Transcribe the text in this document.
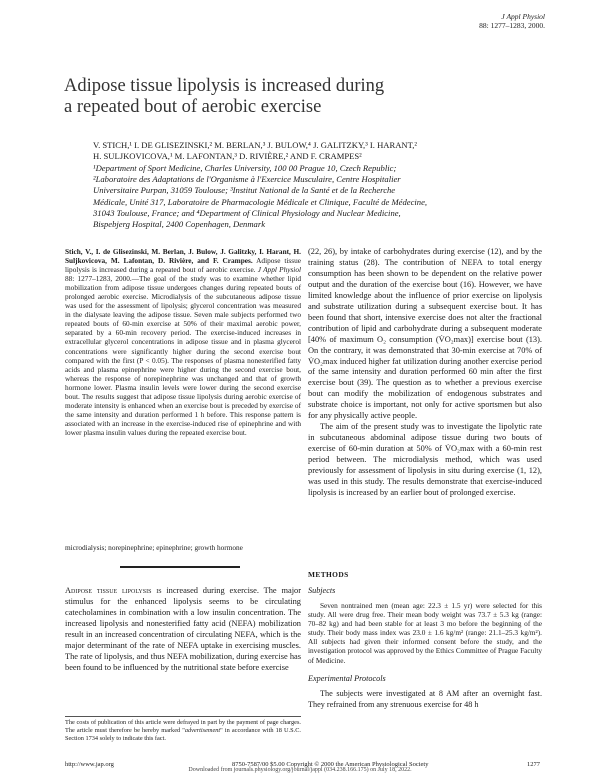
J Appl Physiol
88: 1277–1283, 2000.
Adipose tissue lipolysis is increased during
a repeated bout of aerobic exercise
V. STICH,¹ I. DE GLISEZINSKI,² M. BERLAN,³ J. BULOW,⁴ J. GALITZKY,³ I. HARANT,²
H. SULJKOVICOVA,¹ M. LAFONTAN,³ D. RIVIÈRE,² AND F. CRAMPES²
¹Department of Sport Medicine, Charles University, 100 00 Prague 10, Czech Republic;
²Laboratoire des Adaptations de l'Organisme à l'Exercice Musculaire, Centre Hospitalier
Universitaire Purpan, 31059 Toulouse; ³Institut National de la Santé et de la Recherche
Médicale, Unité 317, Laboratoire de Pharmacologie Médicale et Clinique, Faculté de Médecine,
31043 Toulouse, France; and ⁴Department of Clinical Physiology and Nuclear Medicine,
Bispebjerg Hospital, 2400 Copenhagen, Denmark
Stich, V., I. de Glisezinski, M. Berlan, J. Bulow, J. Galitzky, I. Harant, H. Suljkovicova, M. Lafontan, D. Rivière, and F. Crampes. Adipose tissue lipolysis is increased during a repeated bout of aerobic exercise. J Appl Physiol 88: 1277–1283, 2000.—The goal of the study was to examine whether lipid mobilization from adipose tissue undergoes changes during repeated bouts of prolonged aerobic exercise. Microdialysis of the subcutaneous adipose tissue was used for the assessment of lipolysis; glycerol concentration was measured in the dialysate leaving the adipose tissue. Seven male subjects performed two repeated bouts of 60-min exercise at 50% of their maximal aerobic power, separated by a 60-min recovery period. The exercise-induced increases in extracellular glycerol concentrations in adipose tissue and in plasma glycerol concentrations were significantly higher during the second exercise bout compared with the first (P < 0.05). The responses of plasma nonesterified fatty acids and plasma epinephrine were higher during the second exercise bout, whereas the response of norepinephrine was unchanged and that of growth hormone lower. Plasma insulin levels were lower during the second exercise bout. The results suggest that adipose tissue lipolysis during aerobic exercise of moderate intensity is enhanced when an exercise bout is preceded by exercise of the same intensity and duration performed 1 h before. This response pattern is associated with an increase in the exercise-induced rise of epinephrine and with lower plasma insulin values during the repeated exercise bout.
microdialysis; norepinephrine; epinephrine; growth hormone
Adipose tissue lipolysis is increased during exercise. The major stimulus for the enhanced lipolysis seems to be circulating catecholamines in combination with a low insulin concentration. The increased lipolysis and nonesterified fatty acid (NEFA) mobilization result in an increased concentration of circulating NEFA, which is the major determinant of the rate of NEFA uptake in exercising muscles. The rate of lipolysis, and thus NEFA mobilization, during exercise has been found to be influenced by the nutritional state before exercise
The costs of publication of this article were defrayed in part by the payment of page charges. The article must therefore be hereby marked "advertisement" in accordance with 18 U.S.C. Section 1734 solely to indicate this fact.

(22, 26), by intake of carbohydrates during exercise (12), and by the training status (28). The contribution of NEFA to total energy consumption has been shown to be dependent on the relative power output and the duration of the exercise bout (16). However, we have limited knowledge about the influence of prior exercise on lipolysis and substrate utilization during a subsequent exercise bout. It has been found that short, intensive exercise does not alter the fractional contribution of lipid and carbohydrate during a subsequent moderate [40% of maximum O₂ consumption (V̇O₂max)] exercise bout (13). On the contrary, it was demonstrated that 30-min exercise at 70% of V̇O₂max induced higher fat utilization during another exercise period of the same intensity and duration performed 60 min after the first exercise bout (39). The question as to whether a previous exercise bout can modify the mobilization of endogenous substrates and substrate choice is important, not only for active sportsmen but also for any physically active people.

The aim of the present study was to investigate the lipolytic rate in subcutaneous abdominal adipose tissue during two bouts of exercise of 60-min duration at 50% of V̇O₂max with a 60-min rest period between. The microdialysis method, which was used previously for assessment of lipolysis in situ during exercise (1, 12), was used in this study. The results demonstrate that exercise-induced lipolysis is increased by an earlier bout of prolonged exercise.

METHODS
Subjects
Seven nontrained men (mean age: 22.3 ± 1.5 yr) were selected for this study. All were drug free. Their mean body weight was 73.7 ± 5.3 kg (range: 70–82 kg) and had been stable for at least 3 mo before the beginning of the study. Their body mass index was 23.0 ± 1.6 kg/m² (range: 21.1–25.3 kg/m²). All subjects had given their informed consent before the study, and the investigation protocol was approved by the Ethics Committee of Prague Faculty of Medicine.
Experimental Protocols
The subjects were investigated at 8 AM after an overnight fast. They refrained from any strenuous exercise for 48 h
http://www.jap.org	8750-7587/00 $5.00 Copyright © 2000 the American Physiological Society	1277
Downloaded from journals.physiology.org/journal/jappl (034.238.166.175) on July 18, 2022.
